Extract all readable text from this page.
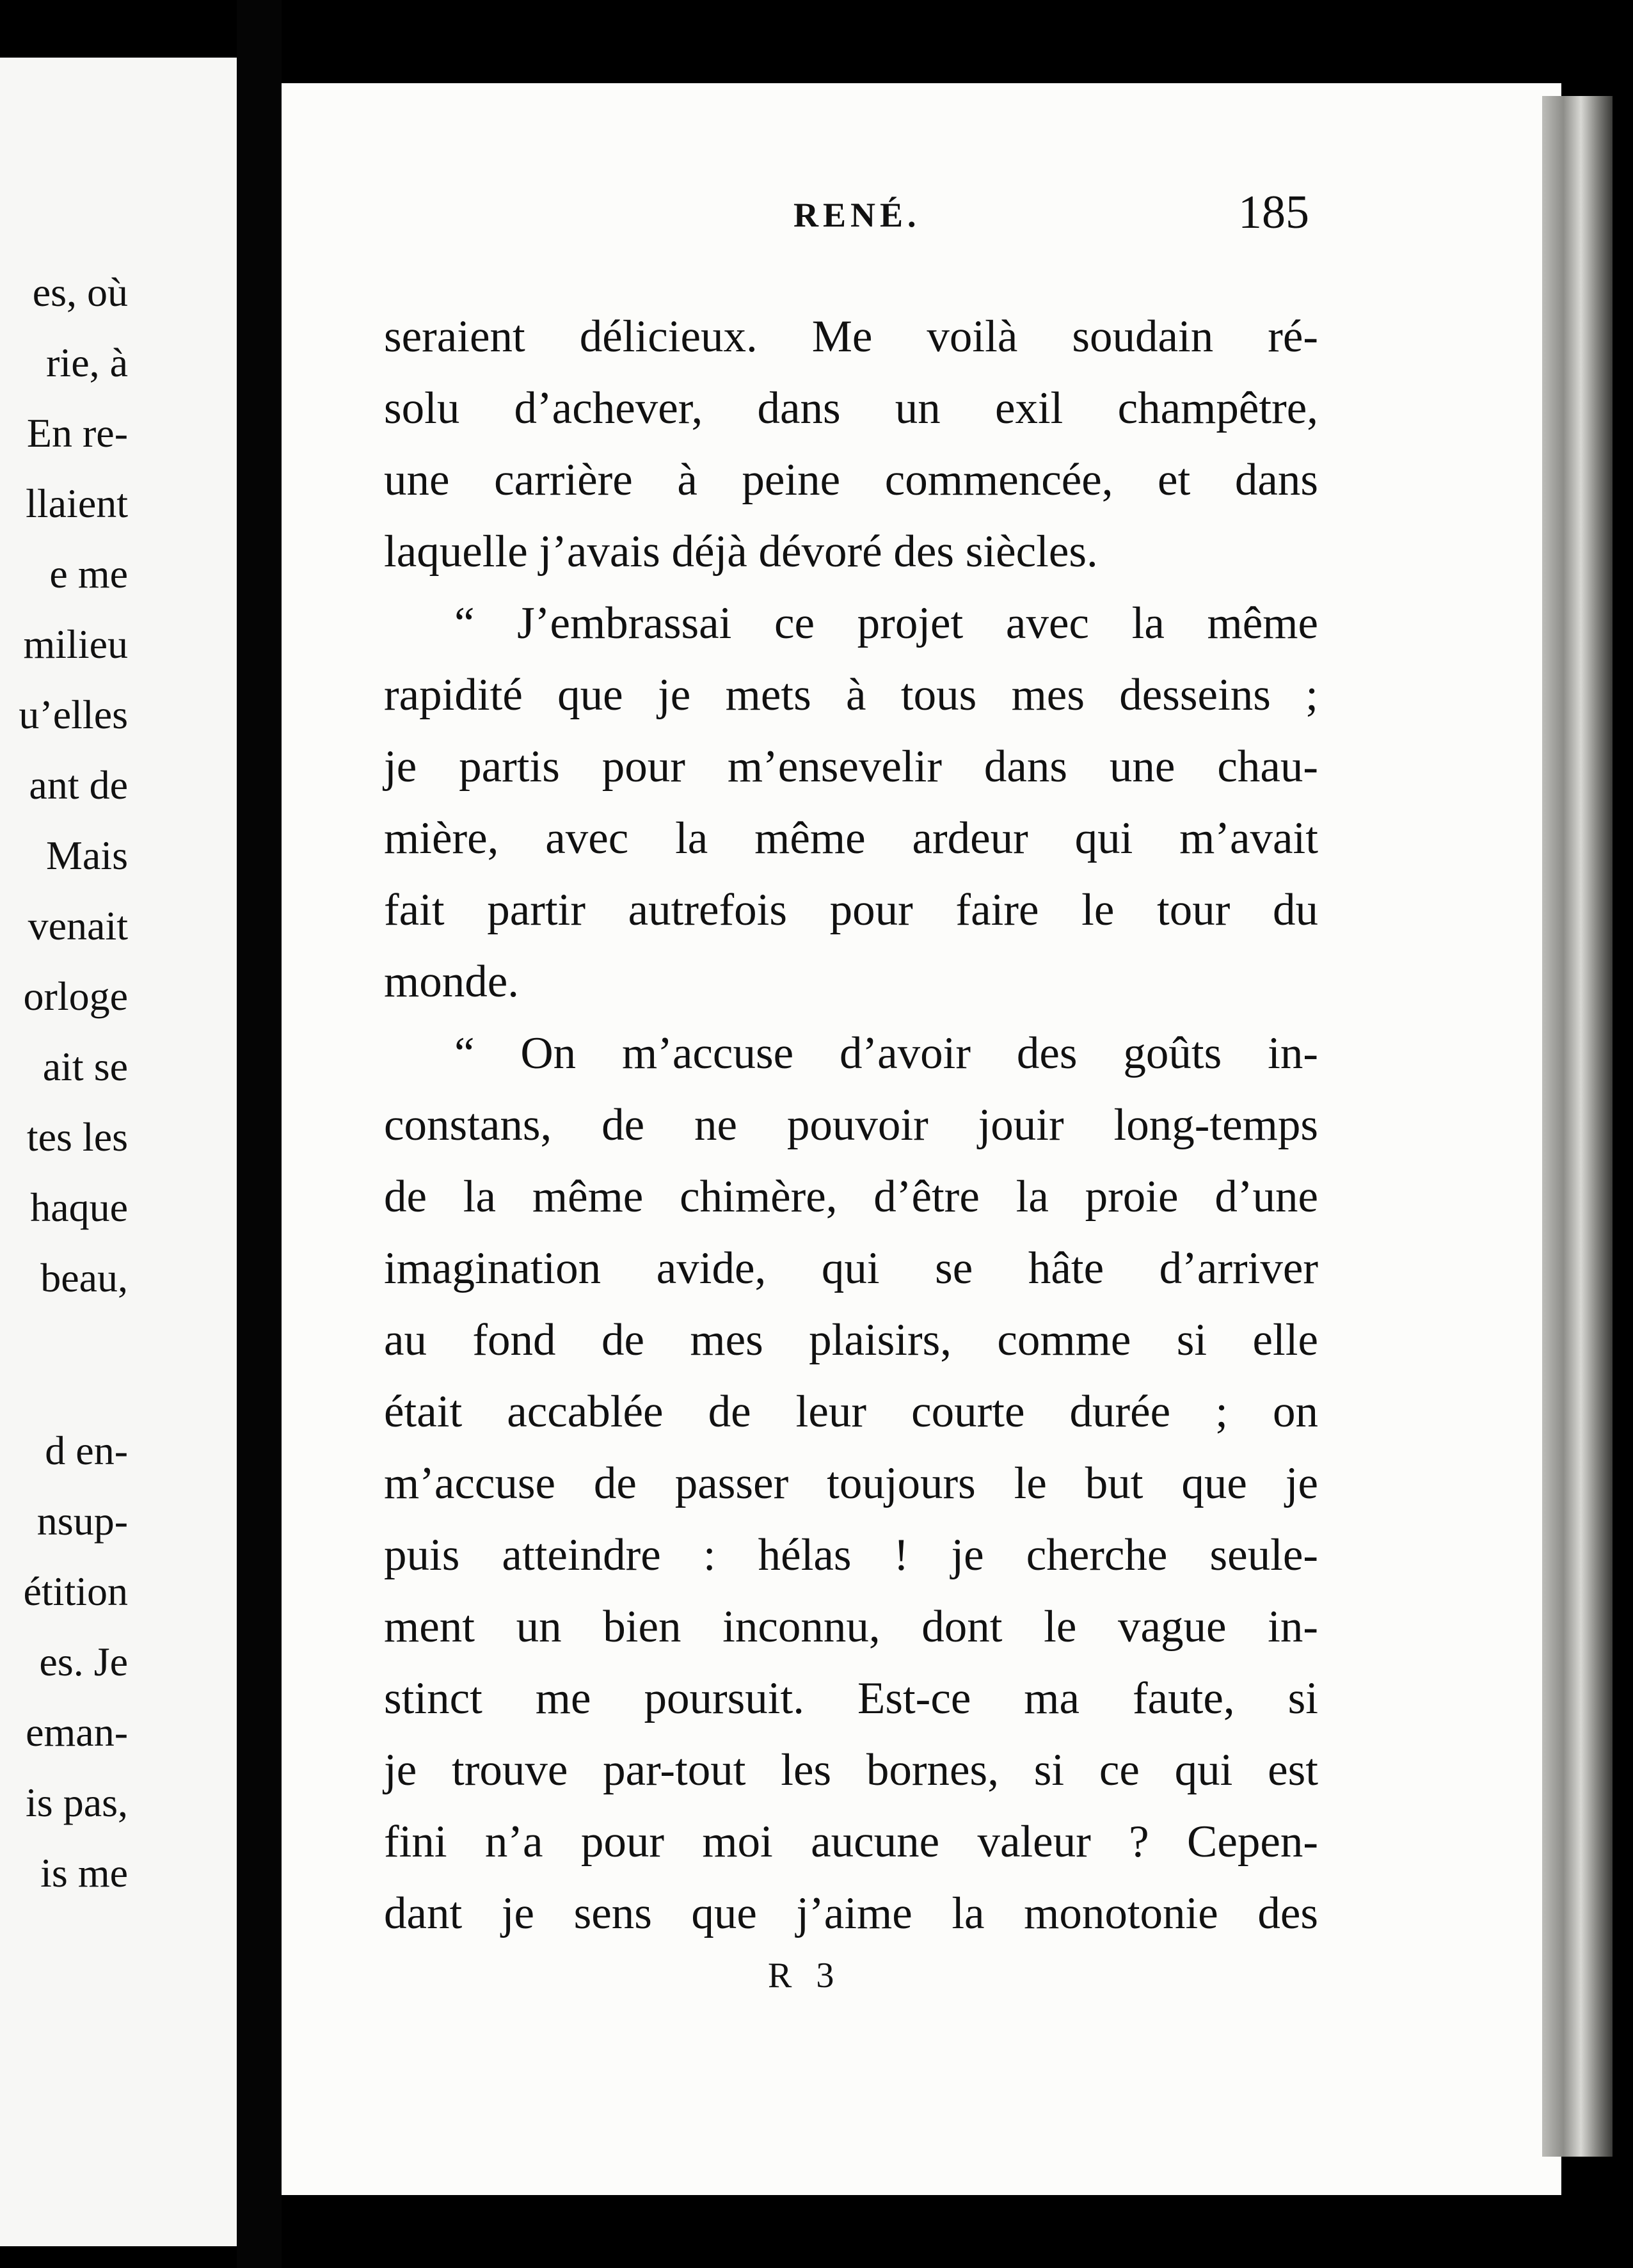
es, où
rie, à
En re-
llaient
e me
milieu
u’elles
ant de
Mais
venait
orloge
ait se
tes les
haque
beau,
d en-
nsup-
étition
es. Je
eman-
is pas,
is me
RENÉ.	185
seraient délicieux. Me voilà soudain ré-
solu d’achever, dans un exil champêtre,
une carrière à peine commencée, et dans
laquelle j’avais déjà dévoré des siècles.
“ J’embrassai ce projet avec la même
rapidité que je mets à tous mes desseins ;
je partis pour m’ensevelir dans une chau-
mière, avec la même ardeur qui m’avait
fait partir autrefois pour faire le tour du
monde.
“ On m’accuse d’avoir des goûts in-
constans, de ne pouvoir jouir long-temps
de la même chimère, d’être la proie d’une
imagination avide, qui se hâte d’arriver
au fond de mes plaisirs, comme si elle
était accablée de leur courte durée ; on
m’accuse de passer toujours le but que je
puis atteindre : hélas ! je cherche seule-
ment un bien inconnu, dont le vague in-
stinct me poursuit. Est-ce ma faute, si
je trouve par-tout les bornes, si ce qui est
fini n’a pour moi aucune valeur ? Cepen-
dant je sens que j’aime la monotonie des
R 3
